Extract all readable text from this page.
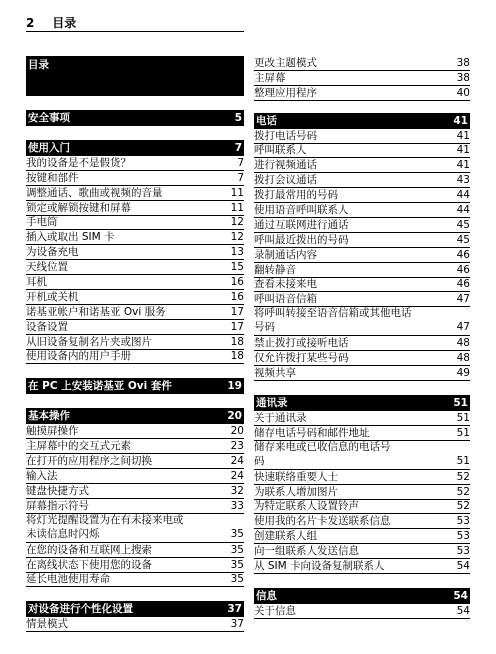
2 目录
目录
安全事项	5
使用入门	7
我的设备是不是假货？	7
按键和部件	7
调整通话、歌曲或视频的音量	11
锁定或解锁按键和屏幕	11
手电筒	12
插入或取出 SIM 卡	12
为设备充电	13
天线位置	15
耳机	16
开机或关机	16
诺基亚帐户和诺基亚 Ovi 服务	17
设备设置	17
从旧设备复制名片夹或图片	18
使用设备内的用户手册	18
在 PC 上安装诺基亚 Ovi 套件	19
基本操作	20
触摸屏操作	20
主屏幕中的交互式元素	23
在打开的应用程序之间切换	24
输入法	24
键盘快捷方式	32
屏幕指示符号	33
将灯光提醒设置为在有未接来电或
未读信息时闪烁	35
在您的设备和互联网上搜索	35
在离线状态下使用您的设备	35
延长电池使用寿命	35
对设备进行个性化设置	37
情景模式	37
更改主题模式	38
主屏幕	38
整理应用程序	40
电话	41
拨打电话号码	41
呼叫联系人	41
进行视频通话	41
拨打会议通话	43
拨打最常用的号码	44
使用语音呼叫联系人	44
通过互联网进行通话	45
呼叫最近拨出的号码	45
录制通话内容	46
翻转静音	46
查看未接来电	46
呼叫语音信箱	47
将呼叫转接至语音信箱或其他电话
号码	47
禁止拨打或接听电话	48
仅允许拨打某些号码	48
视频共享	49
通讯录	51
关于通讯录	51
储存电话号码和邮件地址	51
储存来电或已收信息的电话号
码	51
快速联络重要人士	52
为联系人增加图片	52
为特定联系人设置铃声	52
使用我的名片卡发送联系信息	53
创建联系人组	53
向一组联系人发送信息	53
从 SIM 卡向设备复制联系人	54
信息	54
关于信息	54
